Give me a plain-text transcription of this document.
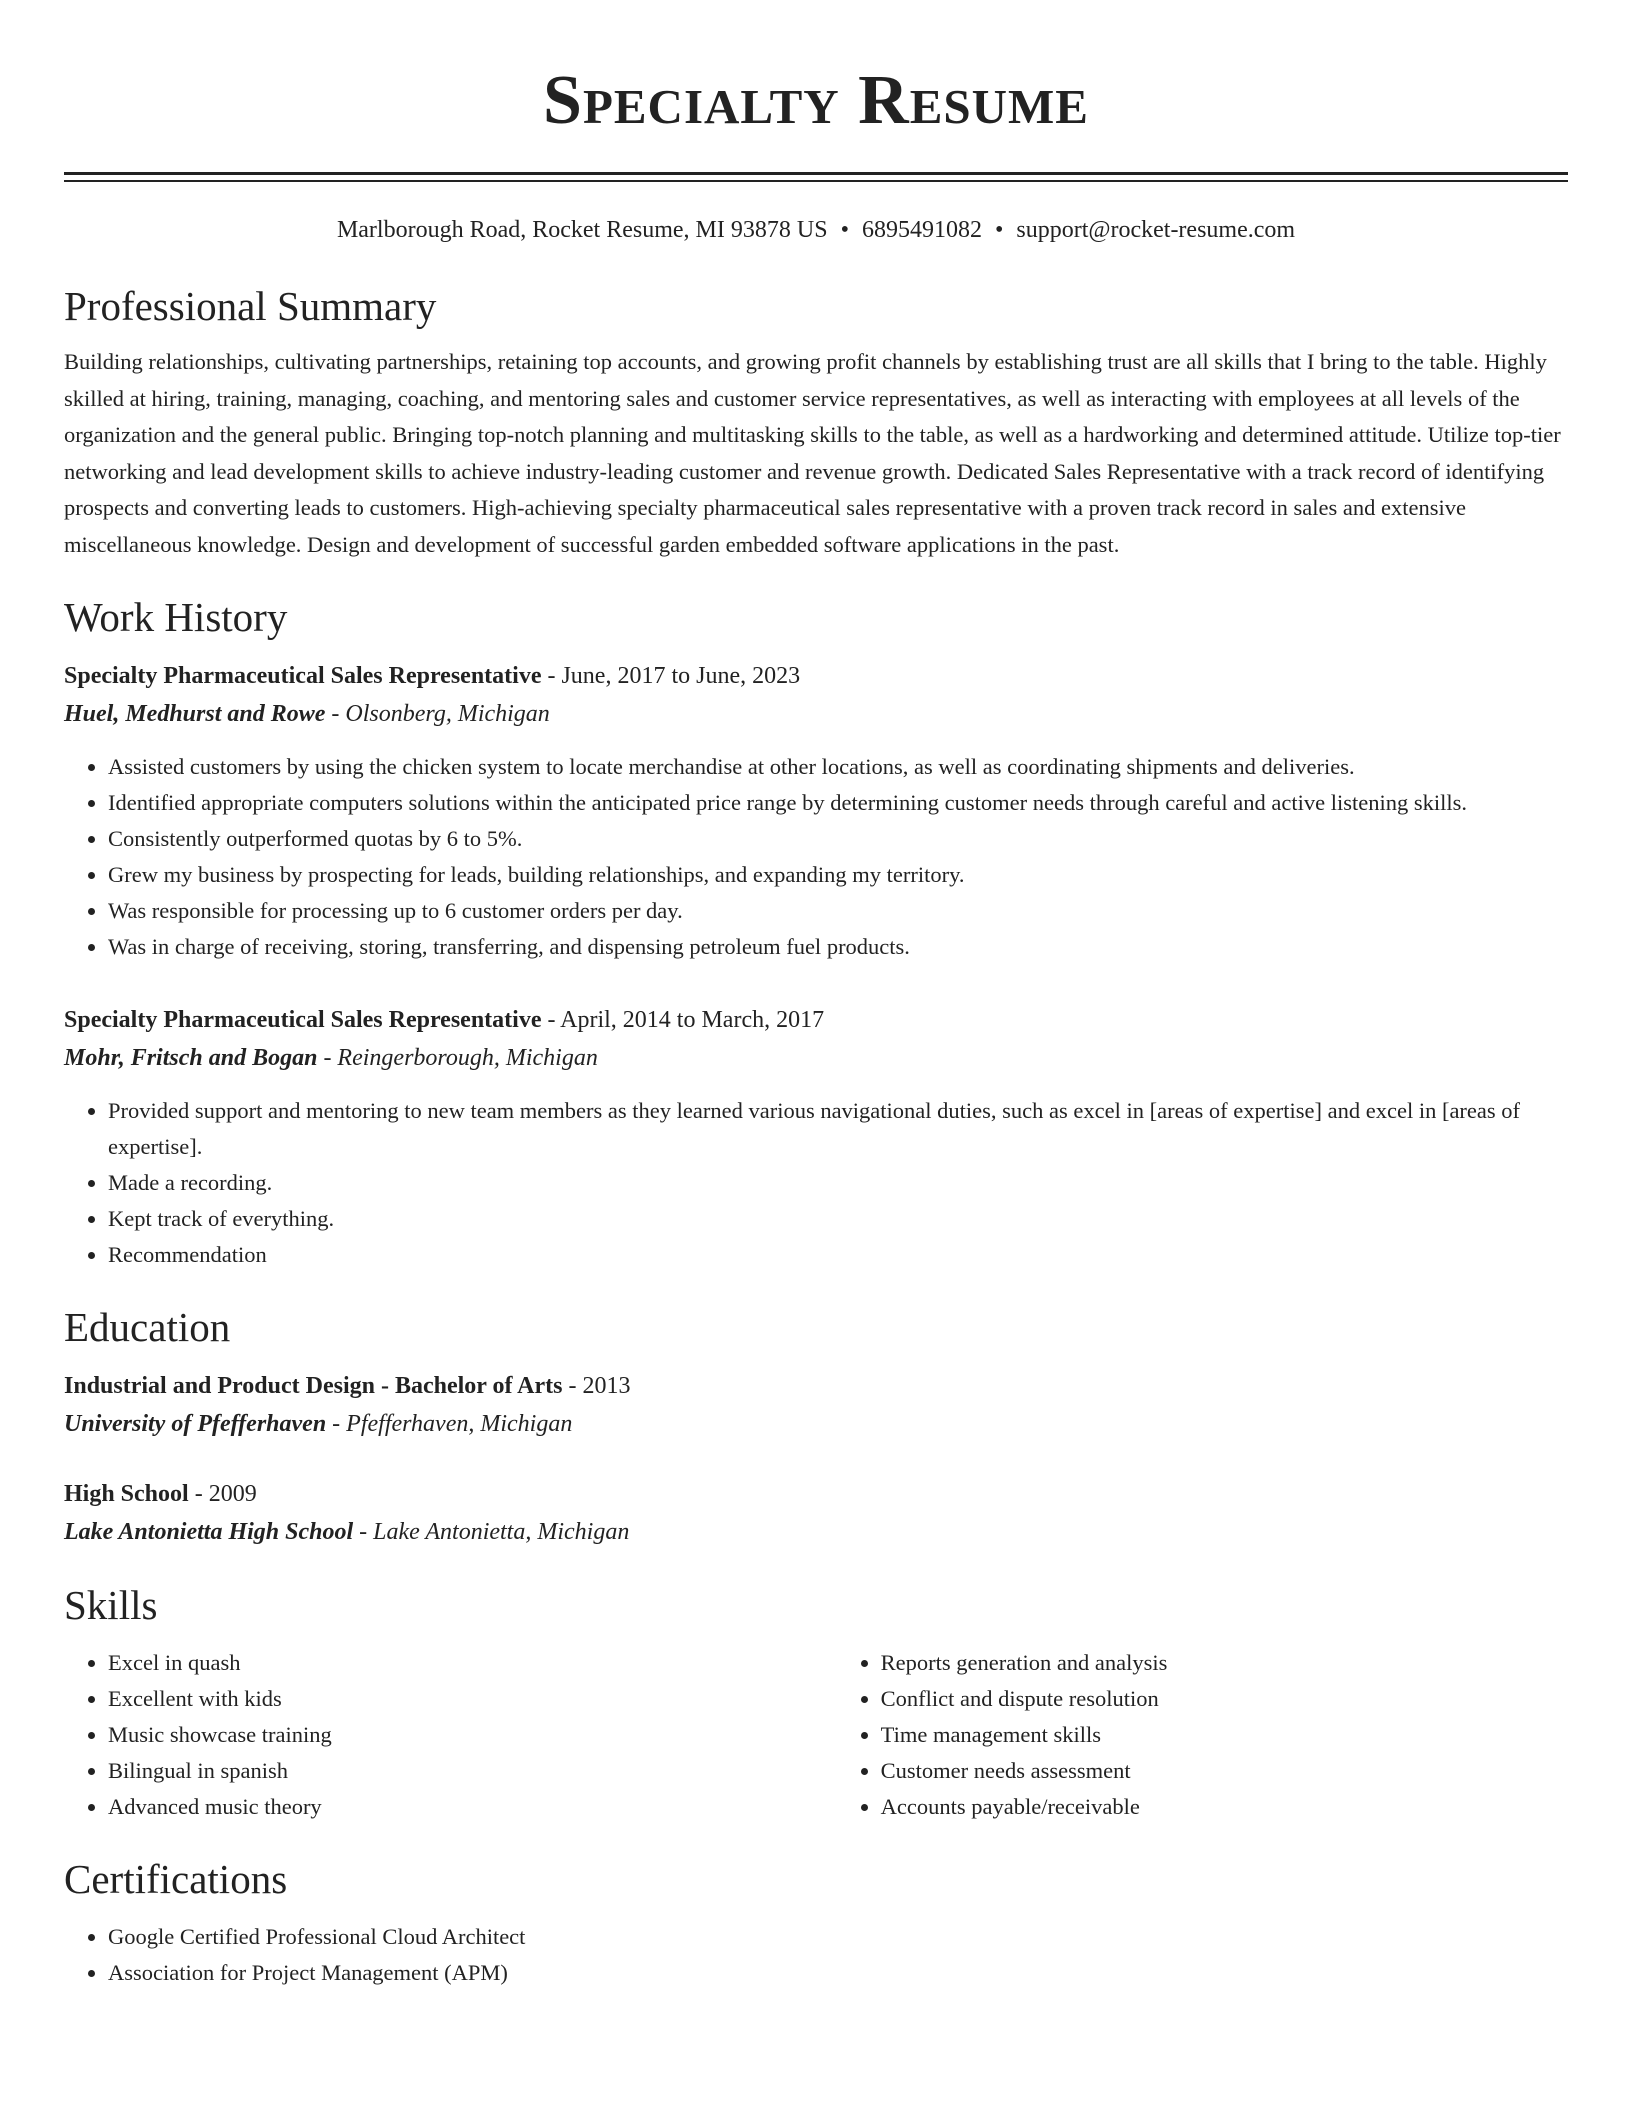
Specialty Resume
Marlborough Road, Rocket Resume, MI 93878 US • 6895491082 • support@rocket-resume.com
Professional Summary

Building relationships, cultivating partnerships, retaining top accounts, and growing profit channels by establishing trust are all skills that I bring to the table. Highly skilled at hiring, training, managing, coaching, and mentoring sales and customer service representatives, as well as interacting with employees at all levels of the organization and the general public. Bringing top-notch planning and multitasking skills to the table, as well as a hardworking and determined attitude. Utilize top-tier networking and lead development skills to achieve industry-leading customer and revenue growth. Dedicated Sales Representative with a track record of identifying prospects and converting leads to customers. High-achieving specialty pharmaceutical sales representative with a proven track record in sales and extensive miscellaneous knowledge. Design and development of successful garden embedded software applications in the past.

Work History
Specialty Pharmaceutical Sales Representative - June, 2017 to June, 2023
Huel, Medhurst and Rowe - Olsonberg, Michigan
• Assisted customers by using the chicken system to locate merchandise at other locations, as well as coordinating shipments and deliveries.
• Identified appropriate computers solutions within the anticipated price range by determining customer needs through careful and active listening skills.
• Consistently outperformed quotas by 6 to 5%.
• Grew my business by prospecting for leads, building relationships, and expanding my territory.
• Was responsible for processing up to 6 customer orders per day.
• Was in charge of receiving, storing, transferring, and dispensing petroleum fuel products.
Specialty Pharmaceutical Sales Representative - April, 2014 to March, 2017
Mohr, Fritsch and Bogan - Reingerborough, Michigan
• Provided support and mentoring to new team members as they learned various navigational duties, such as excel in [areas of expertise] and excel in [areas of expertise].
• Made a recording.
• Kept track of everything.
• Recommendation
Education
Industrial and Product Design - Bachelor of Arts - 2013
University of Pfefferhaven - Pfefferhaven, Michigan
High School - 2009
Lake Antonietta High School - Lake Antonietta, Michigan
Skills
• Excel in quash
• Excellent with kids
• Music showcase training
• Bilingual in spanish
• Advanced music theory
• Reports generation and analysis
• Conflict and dispute resolution
• Time management skills
• Customer needs assessment
• Accounts payable/receivable
Certifications
• Google Certified Professional Cloud Architect
• Association for Project Management (APM)
